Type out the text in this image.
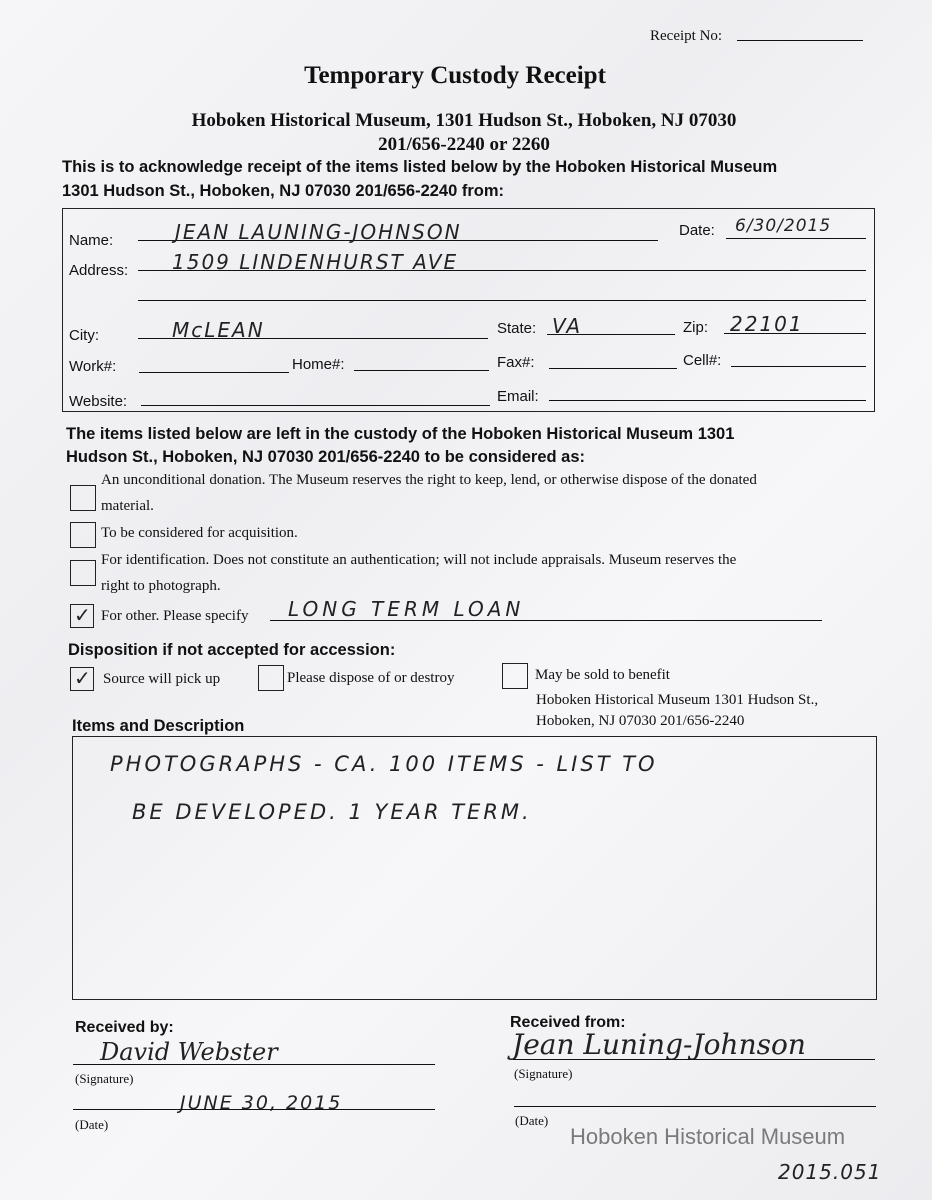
Receipt No:
Temporary Custody Receipt
Hoboken Historical Museum, 1301 Hudson St., Hoboken, NJ 07030
201/656-2240 or 2260
This is to acknowledge receipt of the items listed below by the Hoboken Historical Museum
1301 Hudson St., Hoboken, NJ 07030 201/656-2240 from:
Name:	JEAN LAUNING-JOHNSON	Date: 6/30/2015
Address: 1509 LINDENHURST AVE
City:	McLEAN	State: VA	Zip: 22101
Work#:	Home#:	Fax#:	Cell#:
Website:	Email:
The items listed below are left in the custody of the Hoboken Historical Museum 1301
Hudson St., Hoboken, NJ 07030 201/656-2240 to be considered as:
An unconditional donation. The Museum reserves the right to keep, lend, or otherwise dispose of the donated
material.
To be considered for acquisition.
For identification. Does not constitute an authentication; will not include appraisals. Museum reserves the
right to photograph.
✓ For other. Please specify LONG TERM LOAN
Disposition if not accepted for accession:
✓ Source will pick up	Please dispose of or destroy	May be sold to benefit
Hoboken Historical Museum 1301 Hudson St.,
Hoboken, NJ 07030 201/656-2240
Items and Description
PHOTOGRAPHS - CA. 100 ITEMS - LIST TO
BE DEVELOPED. 1 YEAR TERM.
Received by:
David Webster
(Signature)
JUNE 30, 2015
(Date)
Received from:
Jean Luning-Johnson
(Signature)
(Date)
Hoboken Historical Museum
2015.051
